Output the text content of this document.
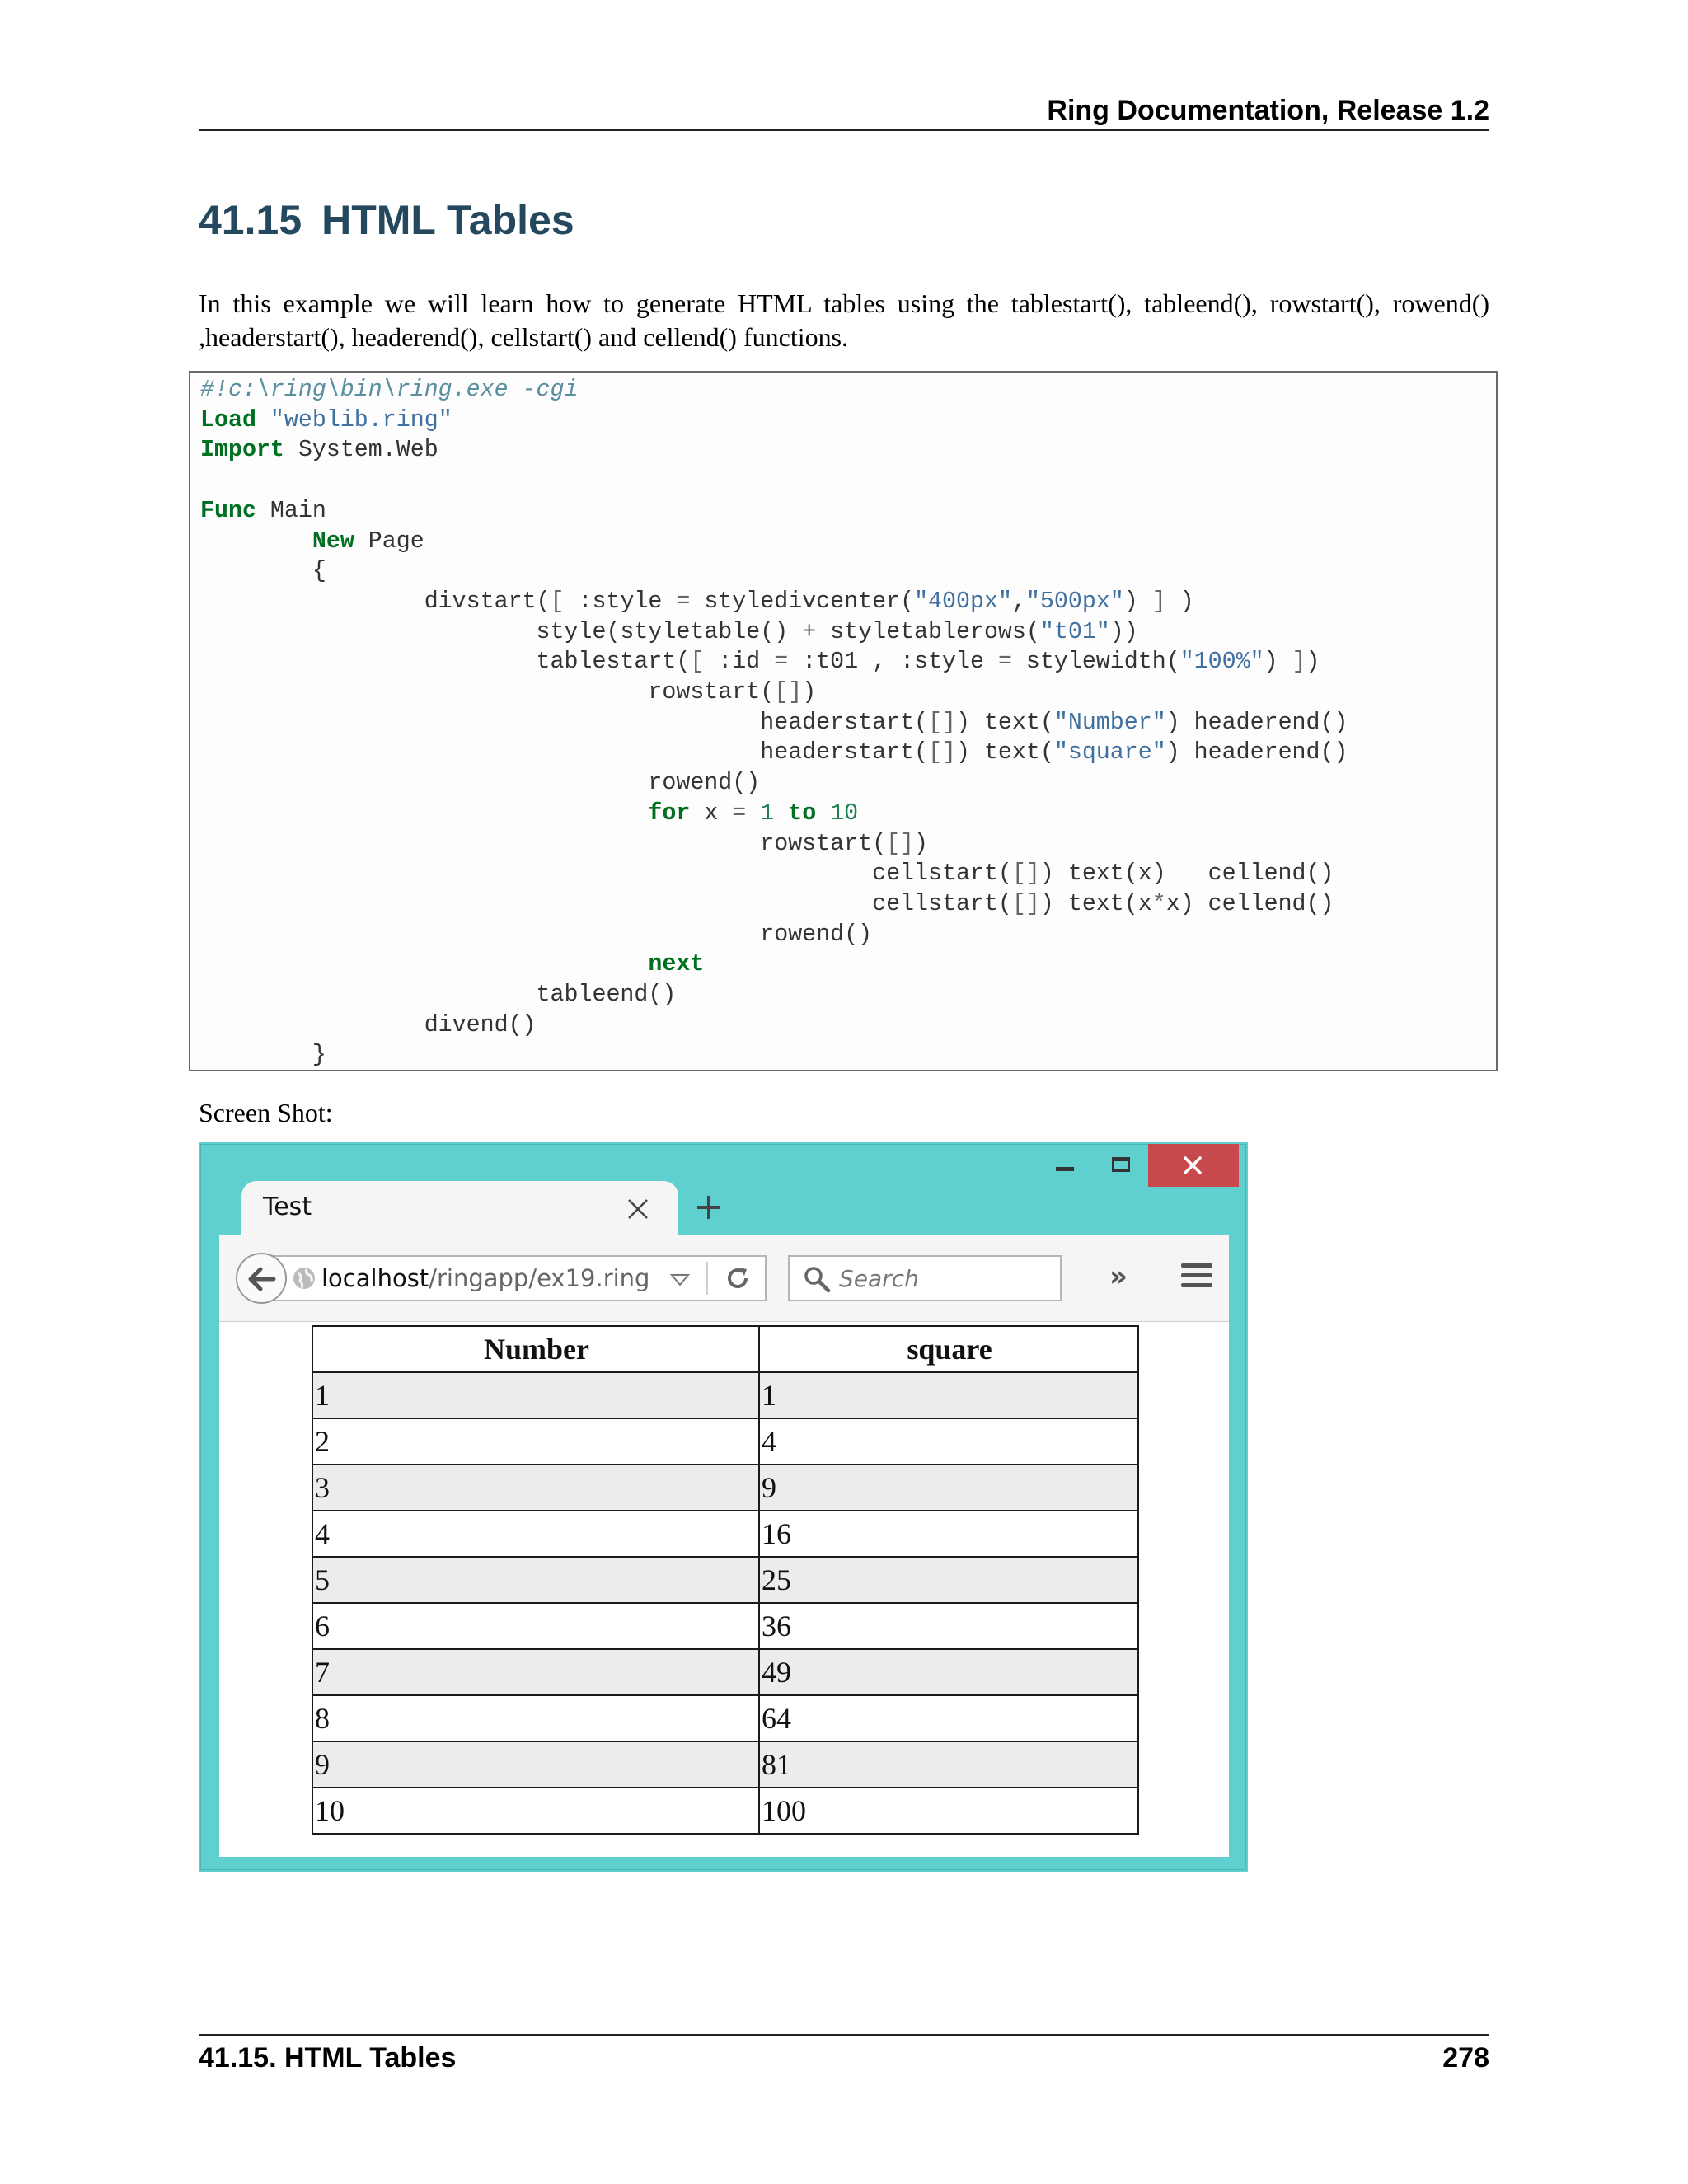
Ring Documentation, Release 1.2
41.15 HTML Tables
In this example we will learn how to generate HTML tables using the tablestart(), tableend(), rowstart(), rowend() ,headerstart(), headerend(), cellstart() and cellend() functions.
#!c:\ring\bin\ring.exe -cgi
Load "weblib.ring"
Import System.Web

Func Main
New Page
{
divstart([ :style = styledivcenter("400px","500px") ] )
style(styletable() + styletablerows("t01"))
tablestart([ :id = :t01 , :style = stylewidth("100%") ])
rowstart([])
headerstart([]) text("Number") headerend()
headerstart([]) text("square") headerend()
rowend()
for x = 1 to 10
rowstart([])
cellstart([]) text(x)   cellend()
cellstart([]) text(x*x) cellend()
rowend()
next
tableend()
divend()
}
Screen Shot:
Test
localhost/ringapp/ex19.ring	Search	»
Number	square
1	1
2	4
3	9
4	16
5	25
6	36
7	49
8	64
9	81
10	100
41.15. HTML Tables	278
